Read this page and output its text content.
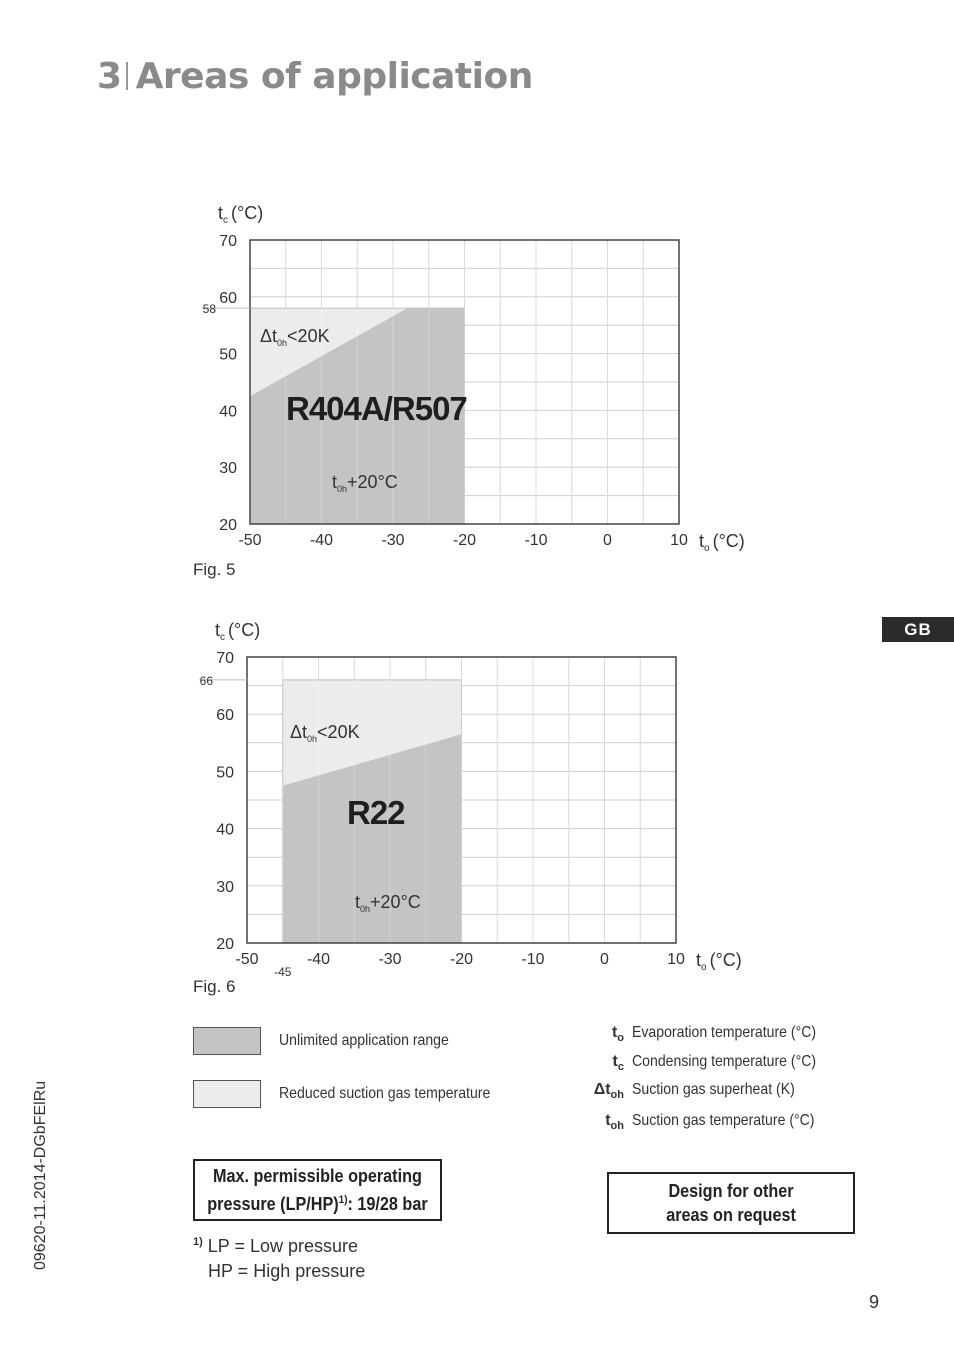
3 Areas of application
09620-11.2014-DGbFElRu
GB
20
30
40
50
60
70
-50	-40	-30	-20	-10	0	10
58
$t_c$ (°C)
$t_o$ (°C)
$\Delta t_{0h}<20K$
R404A/R507
$t_{0h}+20^\circ C$
Fig. 5
20
30
40
50
60
70
-50	-40	-30	-20	-10	0	10
66
-45
$t_c$ (°C)
$t_o$ (°C)
$\Delta t_{0h}<20K$
R22
$t_{0h}+20^\circ C$
Fig. 6
Unlimited application range
Reduced suction gas temperature
$t_o$ Evaporation temperature (°C)
$t_c$ Condensing temperature (°C)
$\Delta t_{oh}$ Suction gas superheat (K)
$t_{oh}$ Suction gas temperature (°C)
Max. permissible operating
pressure $(LP/HP)^{1)}$: 19/28 bar
Design for other
areas on request
$^{1)}$ LP = Low pressure
HP = High pressure
9
